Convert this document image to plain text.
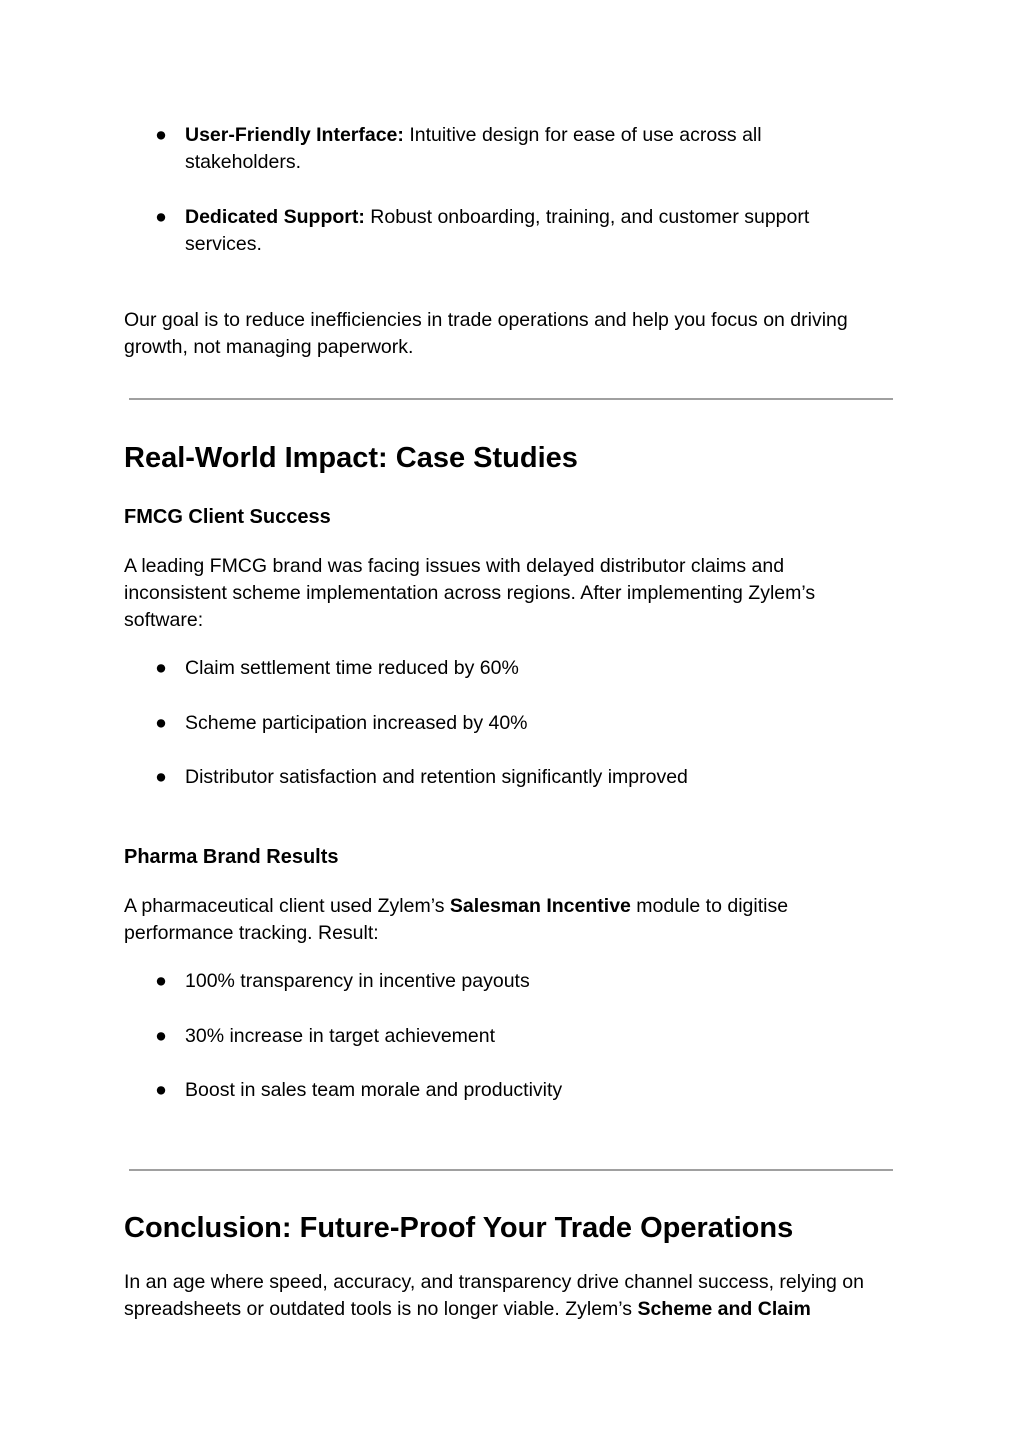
● User-Friendly Interface: Intuitive design for ease of use across all stakeholders.
● Dedicated Support: Robust onboarding, training, and customer support services.

Our goal is to reduce inefficiencies in trade operations and help you focus on driving growth, not managing paperwork.

Real-World Impact: Case Studies
FMCG Client Success

A leading FMCG brand was facing issues with delayed distributor claims and inconsistent scheme implementation across regions. After implementing Zylem’s software:

● Claim settlement time reduced by 60%
● Scheme participation increased by 40%
● Distributor satisfaction and retention significantly improved
Pharma Brand Results

A pharmaceutical client used Zylem’s Salesman Incentive module to digitise performance tracking. Result:

● 100% transparency in incentive payouts
● 30% increase in target achievement
● Boost in sales team morale and productivity
Conclusion: Future-Proof Your Trade Operations

In an age where speed, accuracy, and transparency drive channel success, relying on spreadsheets or outdated tools is no longer viable. Zylem’s Scheme and Claim
